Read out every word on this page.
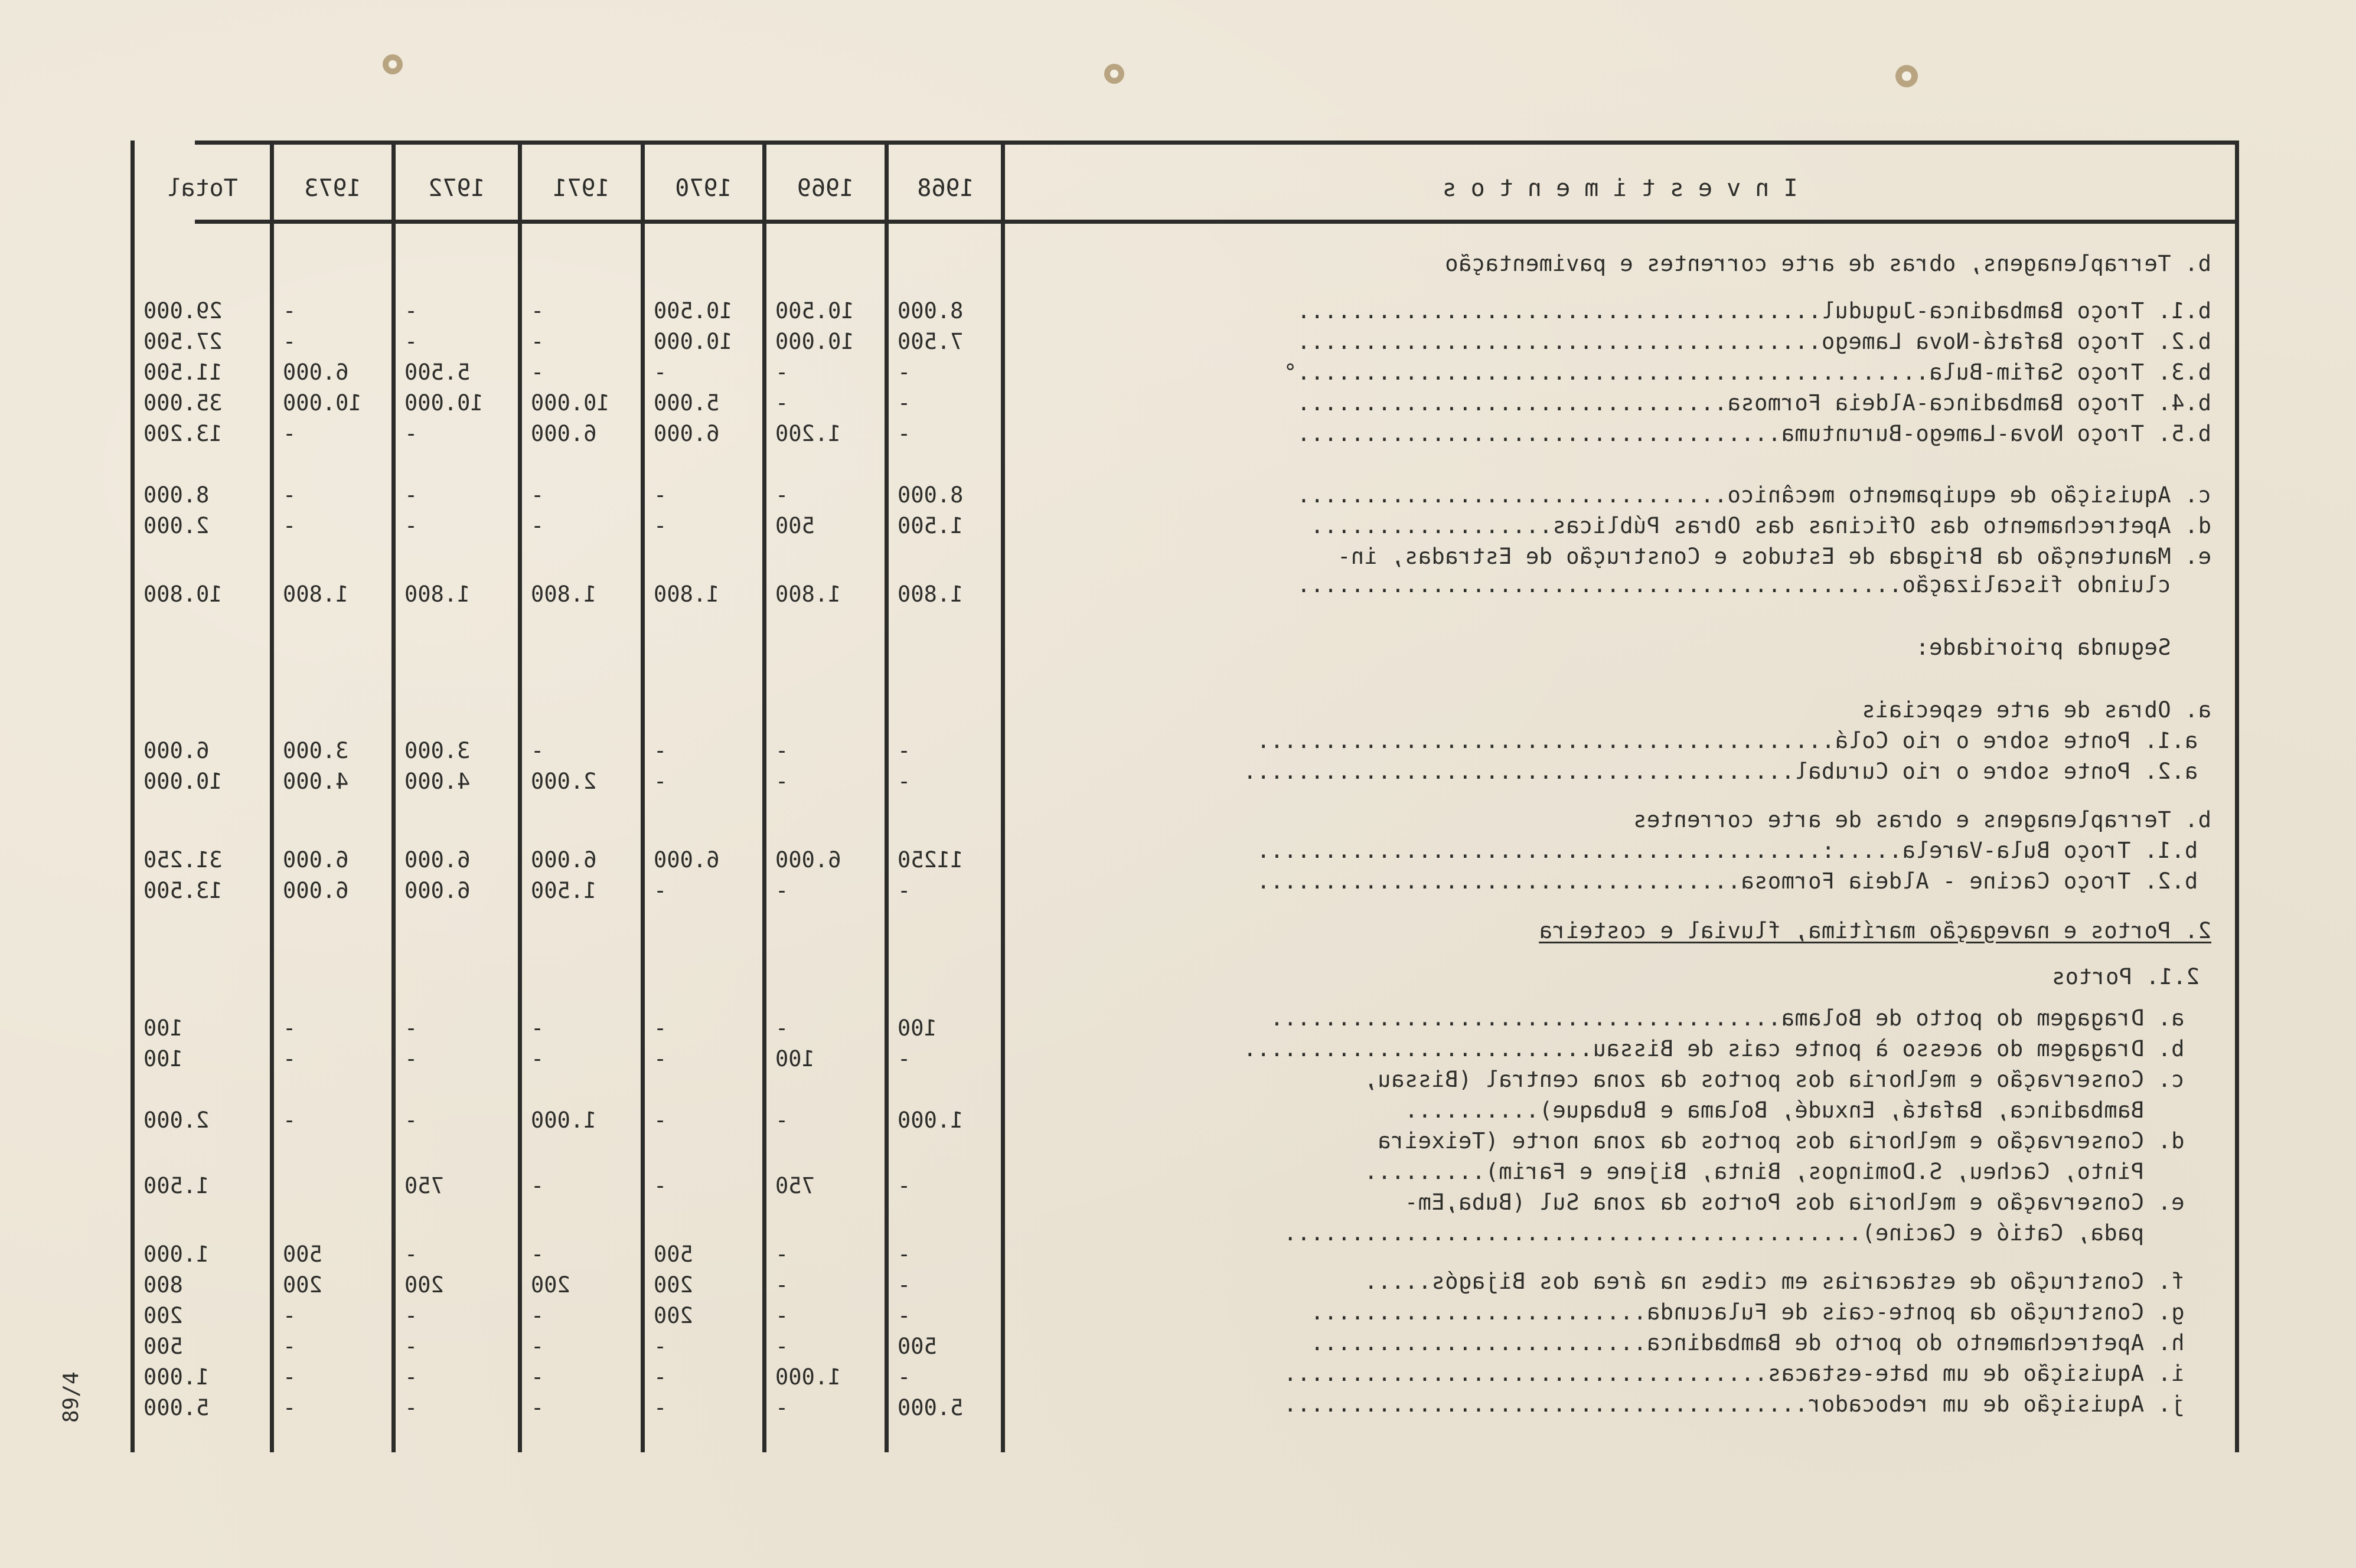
I n v e s t i m e n t o s
1968
1969
1970
1971
1972
1973
Total
b. Terraplenagens, obras de arte correntes e pavimentação
b.1. Troço Bambadinca-Jugudul.......................................
8.000
10.500
10.500
-
-
-
29.000
b.2. Troço Bafatá-Nova Lamego.......................................
7.500
10.000
10.000
-
-
-
27.500
b.3. Troço Safim-Bula...............................................°
-
-
-
-
5.500
6.000
11.500
b.4. Troço Bambadinca-Aldeia Formosa................................
-
-
5.000
10.000
10.000
10.000
35.000
b.5. Troço Nova-Lamego-Buruntuma....................................
-
1.200
6.000
6.000
-
-
13.200
c. Aquisição de equipamento mecânico................................
8.000
-
-
-
-
-
8.000
d. Apetrechamento das Oficinas das Obras Públicas..................
1.500
500
-
-
-
-
2.000
e. Manutenção da Brigada de Estudos e Construção de Estradas, in-
cluindo fiscalização.............................................
1.800
1.800
1.800
1.800
1.800
1.800
10.800
Segunda prioridade:
a. Obras de arte especiais
a.1. Ponte sobre o rio Colá...........................................
-
-
-
-
3.000
3.000
6.000
a.2. Ponte sobre o rio Curubal.........................................
-
-
-
2.000
4.000
4.000
10.000
b. Terraplenagens e obras de arte correntes
b.1. Troço Bula-Varela.....:..........................................
11250
6.000
6.000
6.000
6.000
6.000
31.250
b.2. Troço Cacine - Aldeia Formosa....................................
-
-
-
1.500
6.000
6.000
13.500
a. Dragagem do potto de Bolama......................................
100
-
-
-
-
-
100
b. Dragagem do acesso à ponte cais de Bissau..........................
-
100
-
-
-
-
100
c. Conservação e melhoria dos portos da zona central (Bissau,
Bambadinca, Bafatá, Enxudé, Bolama e Bubaque)..........
1.000
-
-
1.000
-
-
2.000
d. Conservação e melhoria dos portos da zona norte (Teixeira
Pinto, Cacheu, S.Domingos, Binta, Bijene e Farim).........
-
750
-
-
750
1.500
e. Conservação e melhoria dos Portos da zona Sul (Buba,Em-
pada, Catió e Cacine)...........................................
-
-
500
-
-
500
1.000
f. Construção de estacarias em cibes na área dos Bijagós.....
-
-
200
200
200
200
800
g. Construção da ponte-cais de Fulacunda.........................
-
-
200
-
-
-
200
h. Apetrechamento do porto de Bambadinca.........................
500
-
-
-
-
-
500
i. Aquisição de um bate-estacas....................................
-
1.000
-
-
-
-
1.000
j. Aquisição de um rebocador.......................................
5.000
-
-
-
-
-
5.000
2. Portos e navegação marítima, fluvial e costeira
2.1. Portos
89/4
